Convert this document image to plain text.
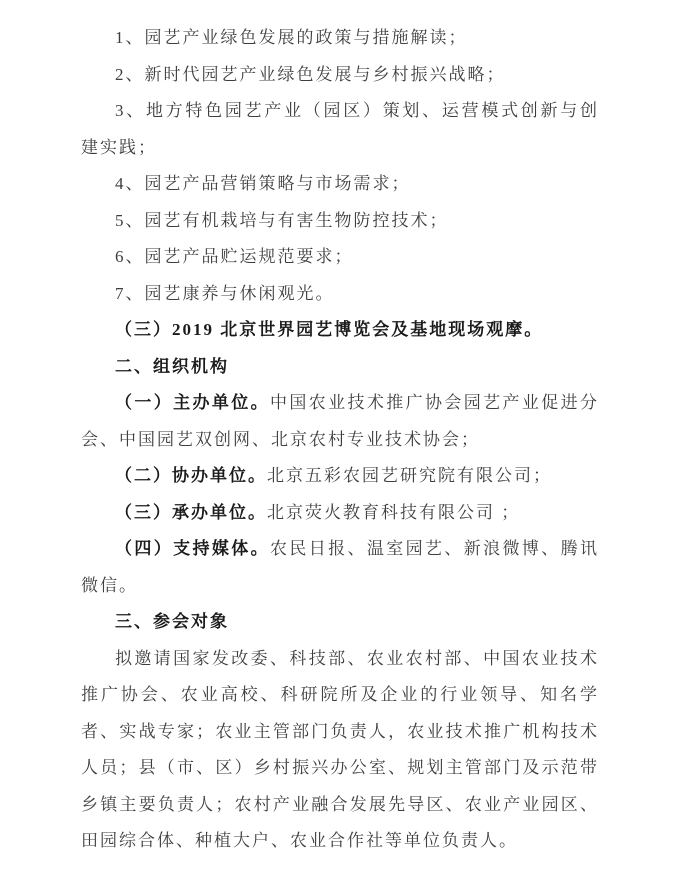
1、园艺产业绿色发展的政策与措施解读；

2、新时代园艺产业绿色发展与乡村振兴战略；

3、地方特色园艺产业（园区）策划、运营模式创新与创建实践；

4、园艺产品营销策略与市场需求；

5、园艺有机栽培与有害生物防控技术；

6、园艺产品贮运规范要求；

7、园艺康养与休闲观光。

（三）2019 北京世界园艺博览会及基地现场观摩。

二、组织机构

（一）主办单位。中国农业技术推广协会园艺产业促进分会、中国园艺双创网、北京农村专业技术协会；

（二）协办单位。北京五彩农园艺研究院有限公司；

（三）承办单位。北京荧火教育科技有限公司 ；

（四）支持媒体。农民日报、温室园艺、新浪微博、腾讯微信。

三、参会对象

拟邀请国家发改委、科技部、农业农村部、中国农业技术推广协会、农业高校、科研院所及企业的行业领导、知名学者、实战专家；农业主管部门负责人，农业技术推广机构技术人员；县（市、区）乡村振兴办公室、规划主管部门及示范带乡镇主要负责人；农村产业融合发展先导区、农业产业园区、田园综合体、种植大户、农业合作社等单位负责人。
